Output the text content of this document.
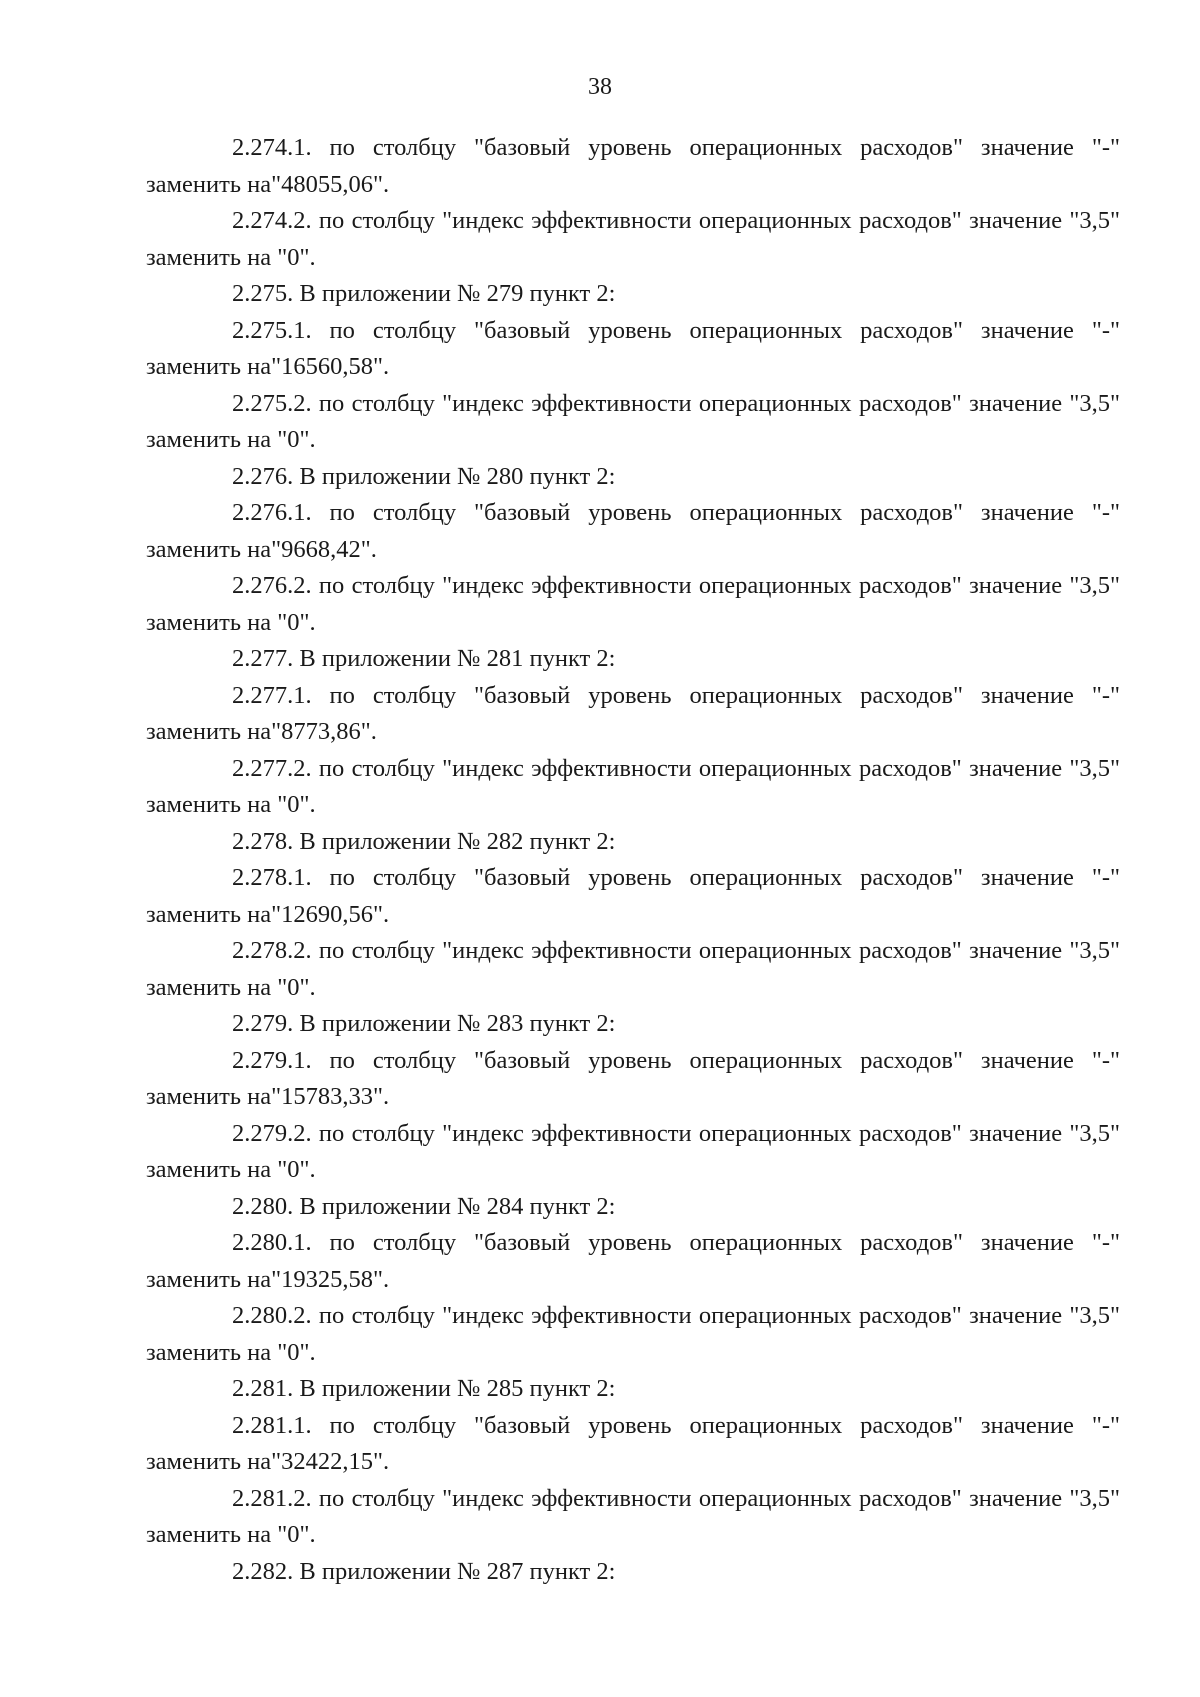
38

2.274.1. по столбцу "базовый уровень операционных расходов" значение "-" заменить на"48055,06".

2.274.2. по столбцу "индекс эффективности операционных расходов" значение "3,5" заменить на "0".

2.275. В приложении № 279 пункт 2:

2.275.1. по столбцу "базовый уровень операционных расходов" значение "-" заменить на"16560,58".

2.275.2. по столбцу "индекс эффективности операционных расходов" значение "3,5" заменить на "0".

2.276. В приложении № 280 пункт 2:

2.276.1. по столбцу "базовый уровень операционных расходов" значение "-" заменить на"9668,42".

2.276.2. по столбцу "индекс эффективности операционных расходов" значение "3,5" заменить на "0".

2.277. В приложении № 281 пункт 2:

2.277.1. по столбцу "базовый уровень операционных расходов" значение "-" заменить на"8773,86".

2.277.2. по столбцу "индекс эффективности операционных расходов" значение "3,5" заменить на "0".

2.278. В приложении № 282 пункт 2:

2.278.1. по столбцу "базовый уровень операционных расходов" значение "-" заменить на"12690,56".

2.278.2. по столбцу "индекс эффективности операционных расходов" значение "3,5" заменить на "0".

2.279. В приложении № 283 пункт 2:

2.279.1. по столбцу "базовый уровень операционных расходов" значение "-" заменить на"15783,33".

2.279.2. по столбцу "индекс эффективности операционных расходов" значение "3,5" заменить на "0".

2.280. В приложении № 284 пункт 2:

2.280.1. по столбцу "базовый уровень операционных расходов" значение "-" заменить на"19325,58".

2.280.2. по столбцу "индекс эффективности операционных расходов" значение "3,5" заменить на "0".

2.281. В приложении № 285 пункт 2:

2.281.1. по столбцу "базовый уровень операционных расходов" значение "-" заменить на"32422,15".

2.281.2. по столбцу "индекс эффективности операционных расходов" значение "3,5" заменить на "0".

2.282. В приложении № 287 пункт 2:
